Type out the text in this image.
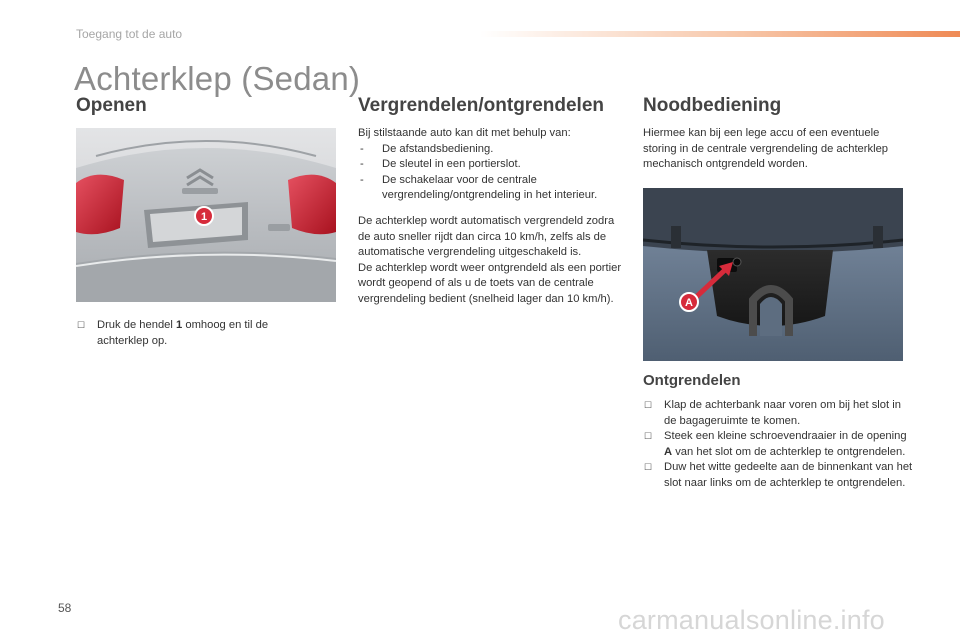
Toegang tot de auto
Achterklep (Sedan)
Openen
1
☐ Druk de hendel 1 omhoog en til de achterklep op.
Vergrendelen/ontgrendelen

Bij stilstaande auto kan dit met behulp van:

- De afstandsbediening.
- De sleutel in een portierslot.
- De schakelaar voor de centrale vergrendeling/ontgrendeling in het interieur.

De achterklep wordt automatisch vergrendeld zodra de auto sneller rijdt dan circa 10 km/h, zelfs als de automatische vergrendeling uitgeschakeld is.

De achterklep wordt weer ontgrendeld als een portier wordt geopend of als u de toets van de centrale vergrendeling bedient (snelheid lager dan 10 km/h).

Noodbediening
Hiermee kan bij een lege accu of een eventuele storing in de centrale vergrendeling de achterklep mechanisch ontgrendeld worden.
A
Ontgrendelen
☐ Klap de achterbank naar voren om bij het slot in de bagageruimte te komen.
☐ Steek een kleine schroevendraaier in de opening A van het slot om de achterklep te ontgrendelen.
☐ Duw het witte gedeelte aan de binnenkant van het slot naar links om de achterklep te ontgrendelen.
58	carmanualsonline.info
